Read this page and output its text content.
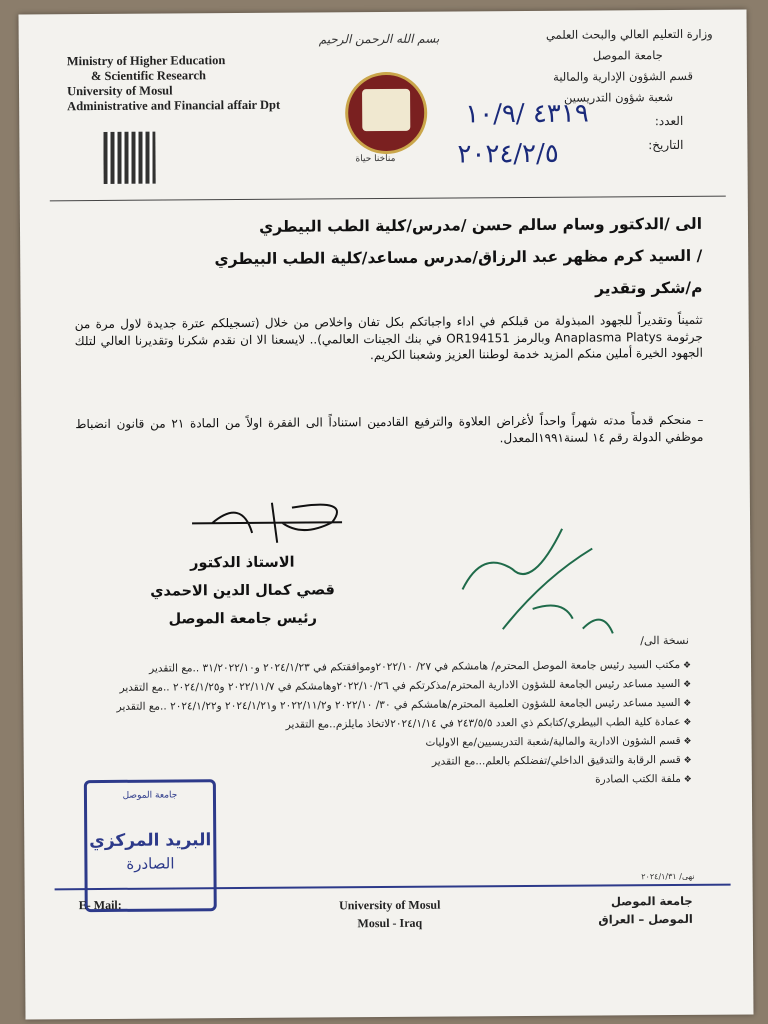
Ministry of Higher Education
& Scientific Research
University of Mosul
Administrative and Financial affair Dpt
بسم الله الرحمن الرحيم
مناخنا حياة
وزارة التعليم العالي والبحث العلمي
جامعة الموصل
قسم الشؤون الإدارية والمالية
شعبة شؤون التدريسين
العدد:
٤٣١٩ /١٠/٩
التاريخ:
٢٠٢٤/٢/٥
الى /الدكتور وسام سالم حسن /مدرس/كلية الطب البيطري
/ السيد كرم مظهر عبد الرزاق/مدرس مساعد/كلية الطب البيطري
م/شكر وتقدير
تثميناً وتقديراً للجهود المبذولة من قبلكم في اداء واجباتكم بكل تفان واخلاص من خلال (تسجيلكم عترة جديدة لاول مرة من جرثومة Anaplasma Platys وبالرمز OR194151 في بنك الجينات العالمي).. لايسعنا الا ان نقدم شكرنا وتقديرنا العالي لتلك الجهود الخيرة أملين منكم المزيد خدمة لوطننا العزيز وشعبنا الكريم.
– منحكم قدماً مدته شهراً واحداً لأغراض العلاوة والترفيع القادمين استناداً الى الفقرة اولاً من المادة ٢١ من قانون انضباط موظفي الدولة رقم ١٤ لسنة١٩٩١المعدل.
الاستاذ الدكتور
قصي كمال الدين الاحمدي
رئيس جامعة الموصل
نسخة الى/
❖ مكتب السيد رئيس جامعة الموصل المحترم/ هامشكم في ٢٧/ ٢٠٢٢/١٠وموافقتكم في ٢٠٢٤/١/٢٣ و٣١/٢٠٢٢/١٠ ..مع التقدير
❖ السيد مساعد رئيس الجامعة للشؤون الادارية المحترم/مذكرتكم في ٢٠٢٢/١٠/٢٦وهامشكم في ٢٠٢٢/١١/٧ و٢٠٢٤/١/٢٥ ..مع التقدير
❖ السيد مساعد رئيس الجامعة للشؤون العلمية المحترم/هامشكم في ٣٠/ ٢٠٢٢/١٠ و٢٠٢٢/١١/٢ و٢٠٢٤/١/٢١ و٢٠٢٤/١/٢٢ ..مع التقدير
❖ عمادة كلية الطب البيطري/كتابكم ذي العدد ٢٤٣/٥/٥ في ٢٠٢٤/١/١٤لاتخاذ مايلزم..مع التقدير
❖ قسم الشؤون الادارية والمالية/شعبة التدريسيين/مع الاوليات
❖ قسم الرقابة والتدقيق الداخلي/تفضلكم بالعلم...مع التقدير
❖ ملفة الكتب الصادرة
نهى/ ٢٠٢٤/١/٣١
جامعة الموصل
البريد المركزي
الصادرة
E- Mail:	University of Mosul
Mosul - Iraq
جامعة الموصل
الموصل – العراق
